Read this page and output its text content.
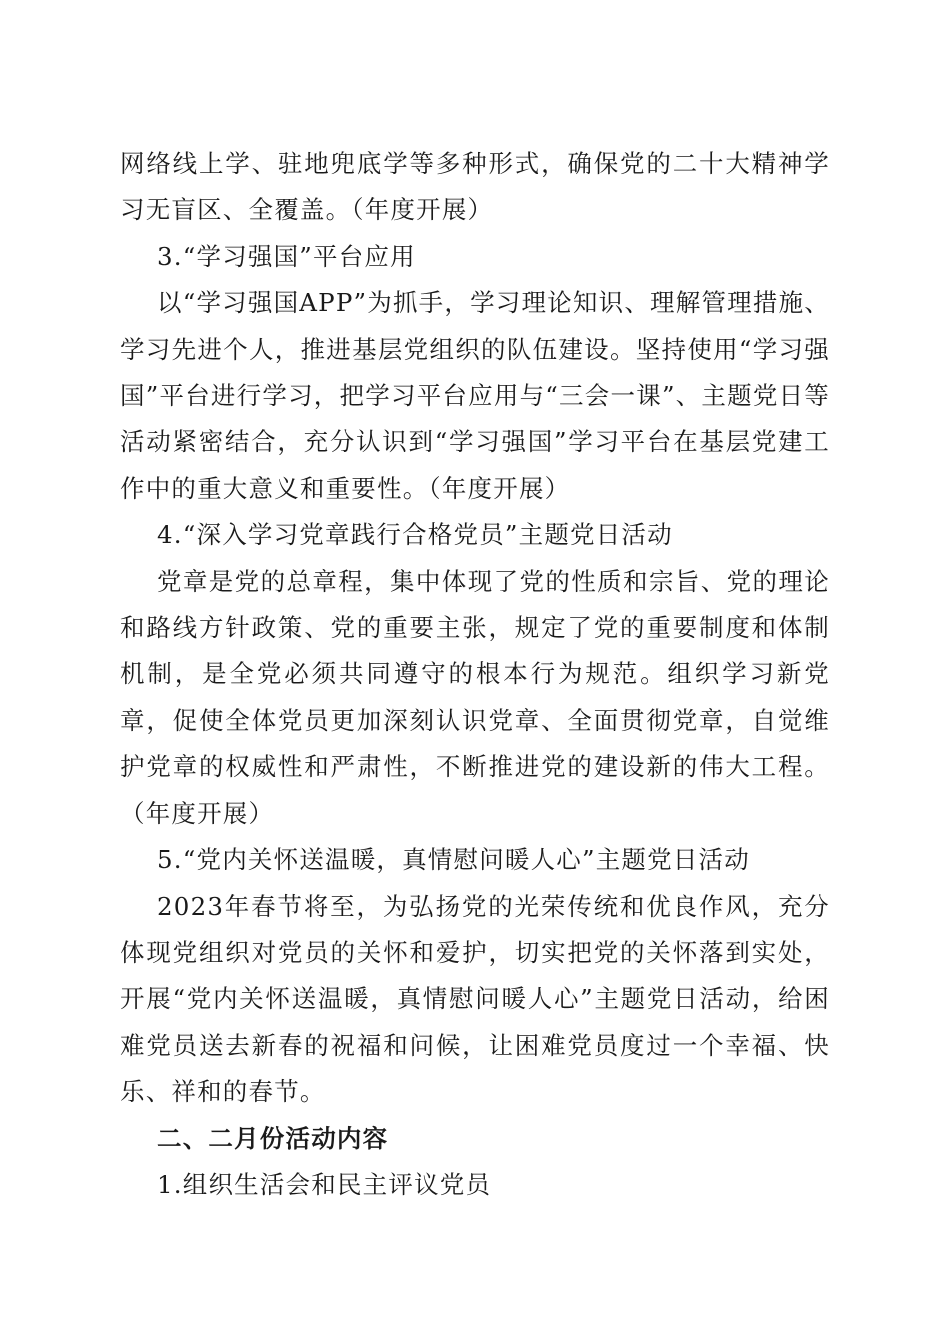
网络线上学、驻地兜底学等多种形式，确保党的二十大精神学习无盲区、全覆盖。（年度开展）

3.“学习强国”平台应用

以“学习强国APP”为抓手，学习理论知识、理解管理措施、学习先进个人，推进基层党组织的队伍建设。坚持使用“学习强国”平台进行学习，把学习平台应用与“三会一课”、主题党日等活动紧密结合，充分认识到“学习强国”学习平台在基层党建工作中的重大意义和重要性。（年度开展）

4.“深入学习党章践行合格党员”主题党日活动

党章是党的总章程，集中体现了党的性质和宗旨、党的理论和路线方针政策、党的重要主张，规定了党的重要制度和体制机制，是全党必须共同遵守的根本行为规范。组织学习新党章，促使全体党员更加深刻认识党章、全面贯彻党章，自觉维护党章的权威性和严肃性，不断推进党的建设新的伟大工程。（年度开展）

5.“党内关怀送温暖，真情慰问暖人心”主题党日活动

2023年春节将至，为弘扬党的光荣传统和优良作风，充分体现党组织对党员的关怀和爱护，切实把党的关怀落到实处，开展“党内关怀送温暖，真情慰问暖人心”主题党日活动，给困难党员送去新春的祝福和问候，让困难党员度过一个幸福、快乐、祥和的春节。

二、二月份活动内容

1.组织生活会和民主评议党员
